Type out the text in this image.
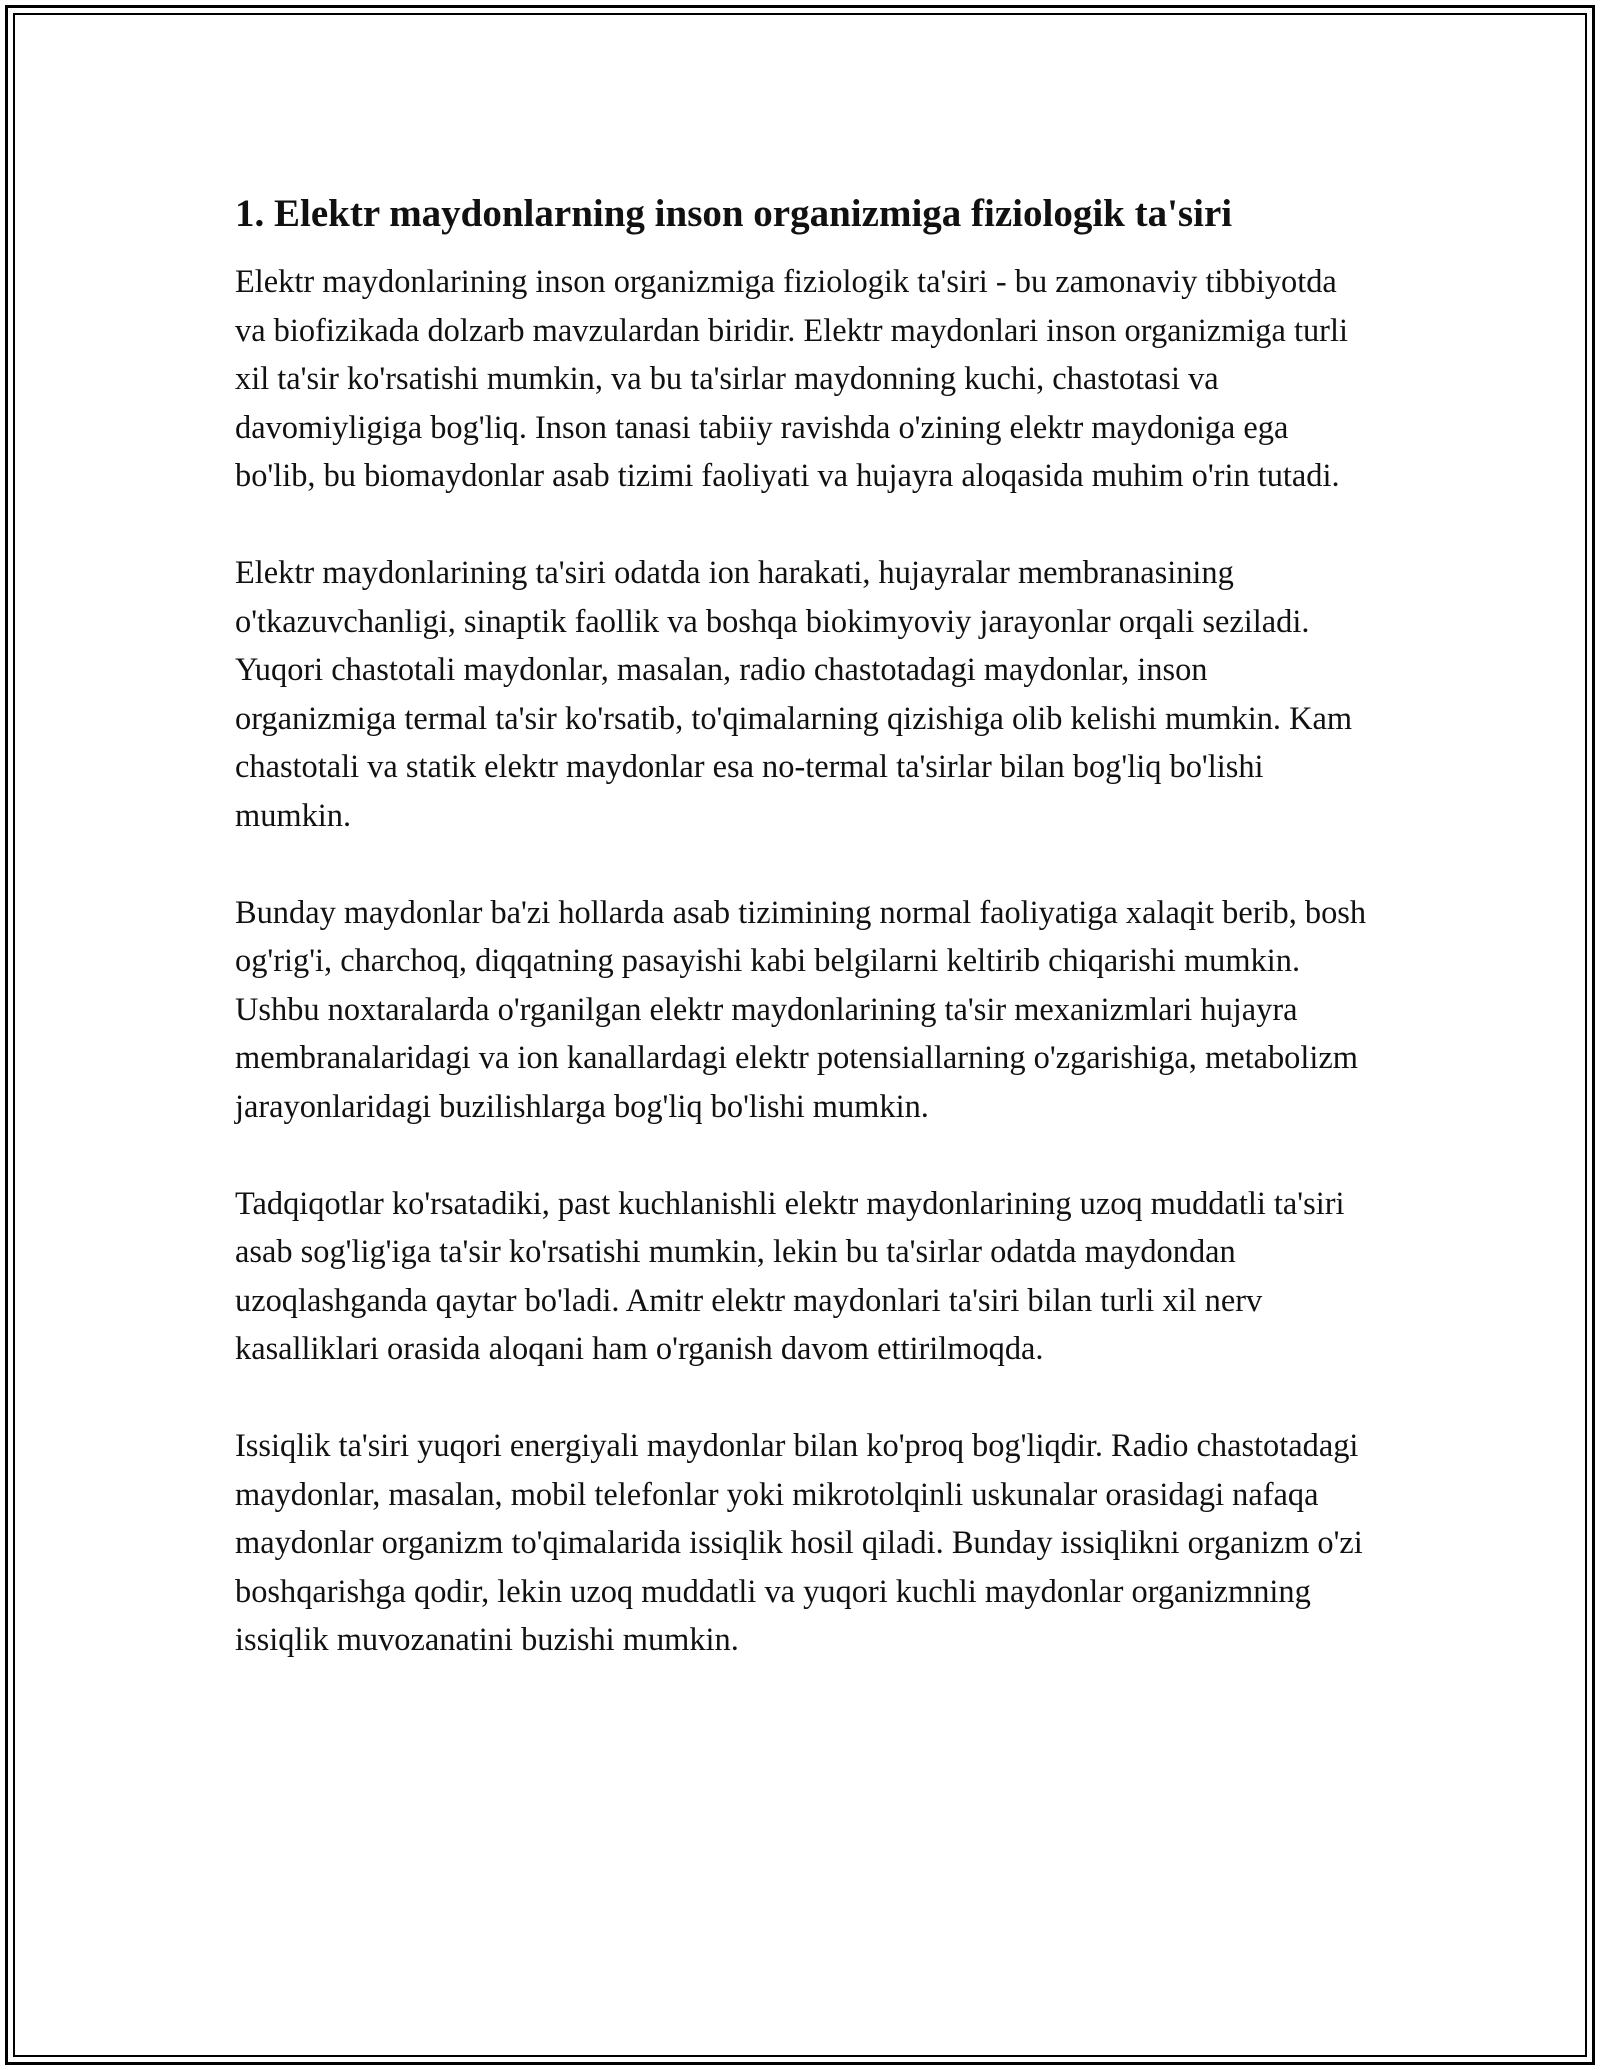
1. Elektr maydonlarning inson organizmiga fiziologik ta'siri

Elektr maydonlarining inson organizmiga fiziologik ta'siri - bu zamonaviy tibbiyotda va biofizikada dolzarb mavzulardan biridir. Elektr maydonlari inson organizmiga turli xil ta'sir ko'rsatishi mumkin, va bu ta'sirlar maydonning kuchi, chastotasi va davomiyligiga bog'liq. Inson tanasi tabiiy ravishda o'zining elektr maydoniga ega bo'lib, bu biomaydonlar asab tizimi faoliyati va hujayra aloqasida muhim o'rin tutadi.

Elektr maydonlarining ta'siri odatda ion harakati, hujayralar membranasining o'tkazuvchanligi, sinaptik faollik va boshqa biokimyoviy jarayonlar orqali seziladi. Yuqori chastotali maydonlar, masalan, radio chastotadagi maydonlar, inson organizmiga termal ta'sir ko'rsatib, to'qimalarning qizishiga olib kelishi mumkin. Kam chastotali va statik elektr maydonlar esa no-termal ta'sirlar bilan bog'liq bo'lishi mumkin.

Bunday maydonlar ba'zi hollarda asab tizimining normal faoliyatiga xalaqit berib, bosh og'rig'i, charchoq, diqqatning pasayishi kabi belgilarni keltirib chiqarishi mumkin. Ushbu noxtaralarda o'rganilgan elektr maydonlarining ta'sir mexanizmlari hujayra membranalaridagi va ion kanallardagi elektr potensiallarning o'zgarishiga, metabolizm jarayonlaridagi buzilishlarga bog'liq bo'lishi mumkin.

Tadqiqotlar ko'rsatadiki, past kuchlanishli elektr maydonlarining uzoq muddatli ta'siri asab sog'lig'iga ta'sir ko'rsatishi mumkin, lekin bu ta'sirlar odatda maydondan uzoqlashganda qaytar bo'ladi. Amitr elektr maydonlari ta'siri bilan turli xil nerv kasalliklari orasida aloqani ham o'rganish davom ettirilmoqda.

Issiqlik ta'siri yuqori energiyali maydonlar bilan ko'proq bog'liqdir. Radio chastotadagi maydonlar, masalan, mobil telefonlar yoki mikrotolqinli uskunalar orasidagi nafaqa maydonlar organizm to'qimalarida issiqlik hosil qiladi. Bunday issiqlikni organizm o'zi boshqarishga qodir, lekin uzoq muddatli va yuqori kuchli maydonlar organizmning issiqlik muvozanatini buzishi mumkin.
